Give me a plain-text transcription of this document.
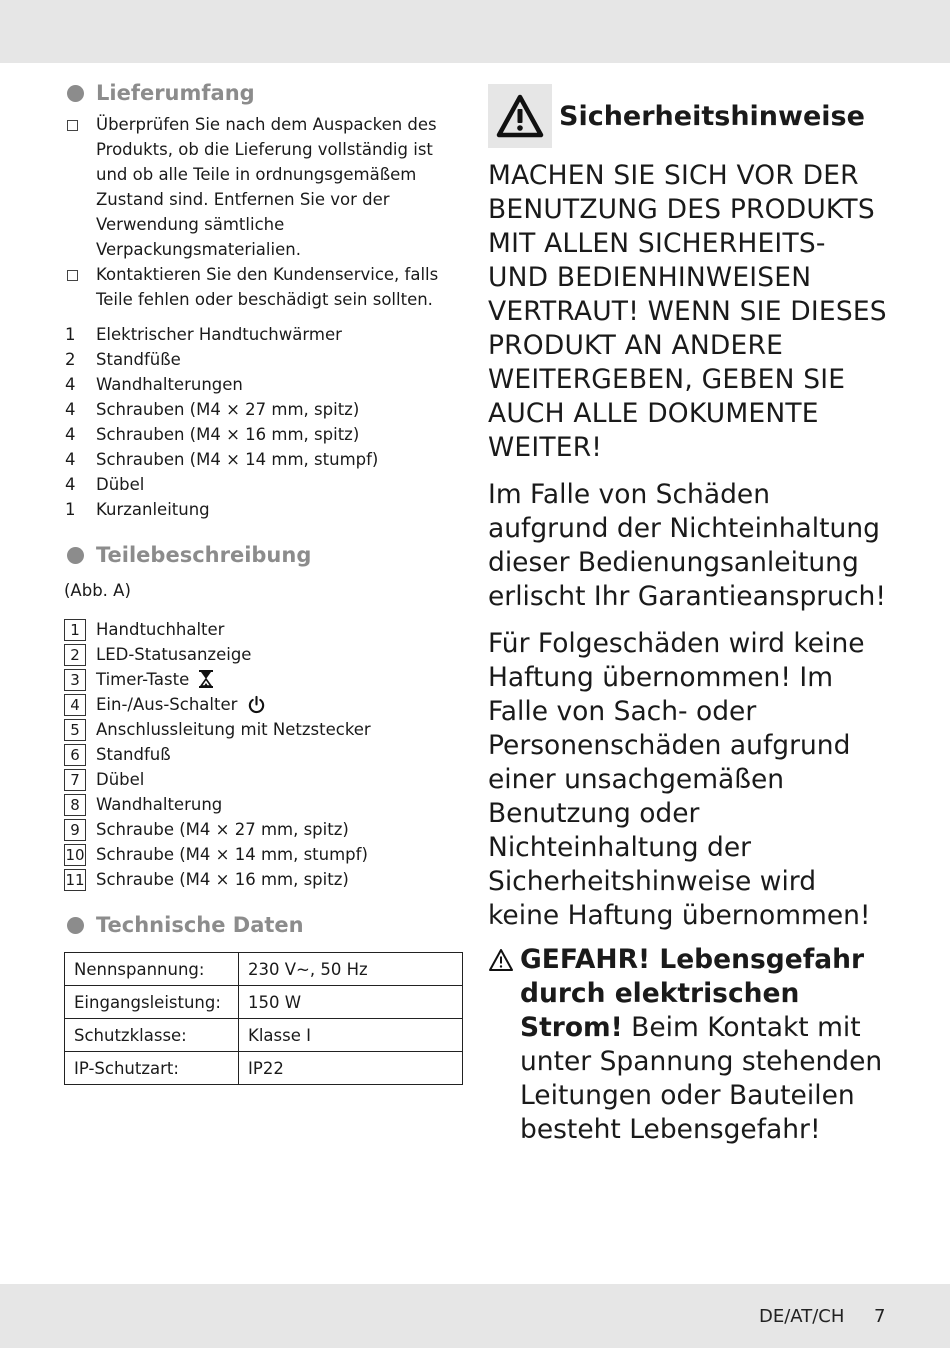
Lieferumfang
Überprüfen Sie nach dem Auspacken des Produkts, ob die Lieferung vollständig ist und ob alle Teile in ordnungsgemäßem Zustand sind. Entfernen Sie vor der Verwendung sämtliche Verpackungsmaterialien.
Kontaktieren Sie den Kundenservice, falls Teile fehlen oder beschädigt sein sollten.
1 Elektrischer Handtuchwärmer
2 Standfüße
4 Wandhalterungen
4 Schrauben (M4 × 27 mm, spitz)
4 Schrauben (M4 × 16 mm, spitz)
4 Schrauben (M4 × 14 mm, stumpf)
4 Dübel
1 Kurzanleitung
Teilebeschreibung
(Abb. A)
1 Handtuchhalter
2 LED-Statusanzeige
3 Timer-Taste
4 Ein-/Aus-Schalter
5 Anschlussleitung mit Netzstecker
6 Standfuß
7 Dübel
8 Wandhalterung
9 Schraube (M4 × 27 mm, spitz)
10 Schraube (M4 × 14 mm, stumpf)
11 Schraube (M4 × 16 mm, spitz)
Technische Daten
Nennspannung:	230 V~, 50 Hz
Eingangsleistung:	150 W
Schutzklasse:	Klasse I
IP-Schutzart:	IP22
Sicherheitshinweise
MACHEN SIE SICH VOR DER BENUTZUNG DES PRODUKTS MIT ALLEN SICHERHEITS- UND BEDIENHINWEISEN VERTRAUT! WENN SIE DIESES PRODUKT AN ANDERE WEITERGEBEN, GEBEN SIE AUCH ALLE DOKUMENTE WEITER!
Im Falle von Schäden aufgrund der Nichteinhaltung dieser Bedienungsanleitung erlischt Ihr Garantieanspruch!
Für Folgeschäden wird keine Haftung übernommen! Im Falle von Sach- oder Personenschäden aufgrund einer unsachgemäßen Benutzung oder Nichteinhaltung der Sicherheitshinweise wird keine Haftung übernommen!
GEFAHR! Lebensgefahr durch elektrischen Strom! Beim Kontakt mit unter Spannung stehenden Leitungen oder Bauteilen besteht Lebensgefahr!
DE/AT/CH 7
